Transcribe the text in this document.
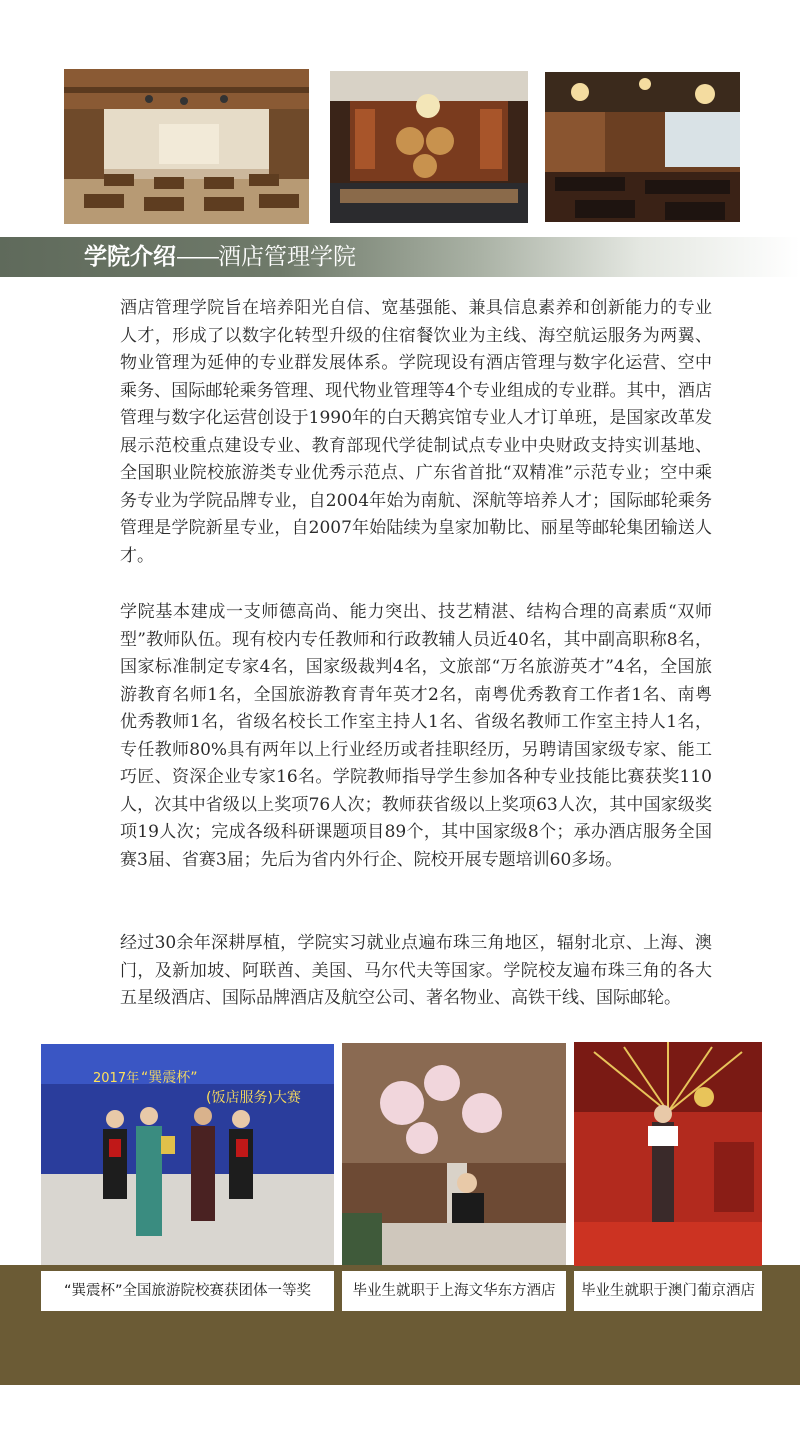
学院介绍——酒店管理学院

酒店管理学院旨在培养阳光自信、宽基强能、兼具信息素养和创新能力的专业人才，形成了以数字化转型升级的住宿餐饮业为主线、海空航运服务为两翼、物业管理为延伸的专业群发展体系。学院现设有酒店管理与数字化运营、空中乘务、国际邮轮乘务管理、现代物业管理等4个专业组成的专业群。其中，酒店管理与数字化运营创设于1990年的白天鹅宾馆专业人才订单班，是国家改革发展示范校重点建设专业、教育部现代学徒制试点专业中央财政支持实训基地、全国职业院校旅游类专业优秀示范点、广东省首批“双精准”示范专业；空中乘务专业为学院品牌专业，自2004年始为南航、深航等培养人才；国际邮轮乘务管理是学院新星专业，自2007年始陆续为皇家加勒比、丽星等邮轮集团输送人才。

学院基本建成一支师德高尚、能力突出、技艺精湛、结构合理的高素质“双师型”教师队伍。现有校内专任教师和行政教辅人员近40名，其中副高职称8名，国家标准制定专家4名，国家级裁判4名，文旅部“万名旅游英才”4名，全国旅游教育名师1名，全国旅游教育青年英才2名，南粤优秀教育工作者1名、南粤优秀教师1名，省级名校长工作室主持人1名、省级名教师工作室主持人1名，专任教师80%具有两年以上行业经历或者挂职经历，另聘请国家级专家、能工巧匠、资深企业专家16名。学院教师指导学生参加各种专业技能比赛获奖110人，次其中省级以上奖项76人次；教师获省级以上奖项63人次，其中国家级奖项19人次；完成各级科研课题项目89个，其中国家级8个；承办酒店服务全国赛3届、省赛3届；先后为省内外行企、院校开展专题培训60多场。

经过30余年深耕厚植，学院实习就业点遍布珠三角地区，辐射北京、上海、澳门，及新加坡、阿联酋、美国、马尔代夫等国家。学院校友遍布珠三角的各大五星级酒店、国际品牌酒店及航空公司、著名物业、高铁干线、国际邮轮。

2017年 “巽震杯”
(饭店服务)大赛
“巽震杯”全国旅游院校赛获团体一等奖	毕业生就职于上海文华东方酒店	毕业生就职于澳门葡京酒店
